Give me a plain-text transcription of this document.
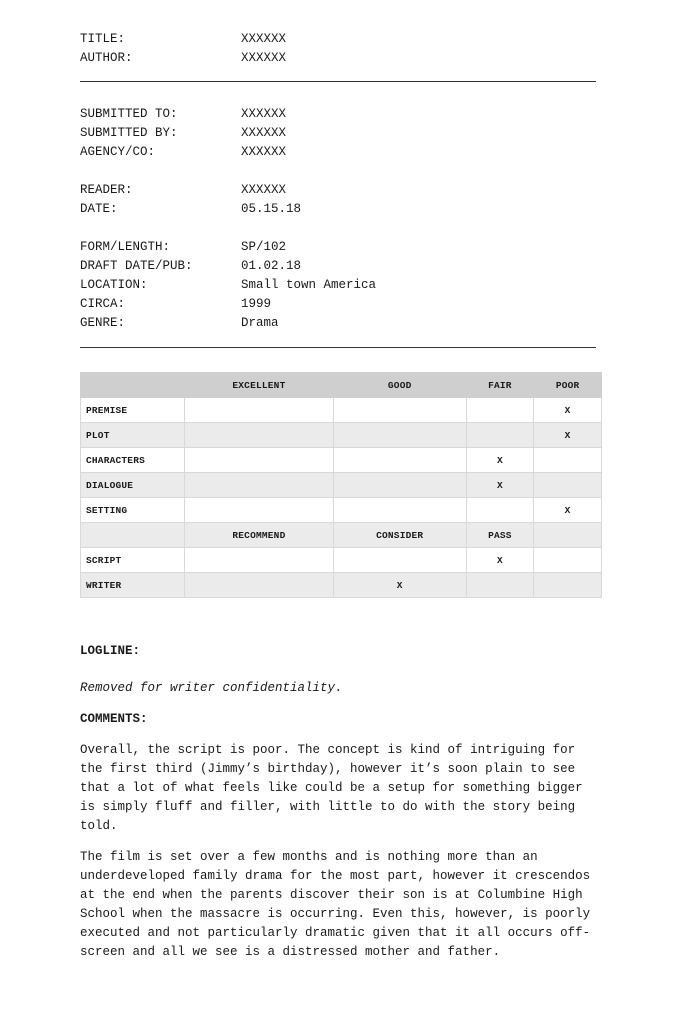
TITLE:	XXXXXX
AUTHOR:	XXXXXX
SUBMITTED TO:	XXXXXX
SUBMITTED BY:	XXXXXX
AGENCY/CO:	XXXXXX
READER:	XXXXXX
DATE:	05.15.18
FORM/LENGTH:	SP/102
DRAFT DATE/PUB:	01.02.18
LOCATION:	Small town America
CIRCA:	1999
GENRE:	Drama
	EXCELLENT	GOOD	FAIR	POOR
PREMISE				X
PLOT				X
CHARACTERS			X	
DIALOGUE			X	
SETTING				X
	RECOMMEND	CONSIDER	PASS	
SCRIPT			X	
WRITER		X		
LOGLINE:
Removed for writer confidentiality.
COMMENTS:

Overall, the script is poor. The concept is kind of intriguing for the first third (Jimmy’s birthday), however it’s soon plain to see that a lot of what feels like could be a setup for something bigger is simply fluff and filler, with little to do with the story being told.

The film is set over a few months and is nothing more than an underdeveloped family drama for the most part, however it crescendos at the end when the parents discover their son is at Columbine High School when the massacre is occurring. Even this, however, is poorly executed and not particularly dramatic given that it all occurs off-screen and all we see is a distressed mother and father.
